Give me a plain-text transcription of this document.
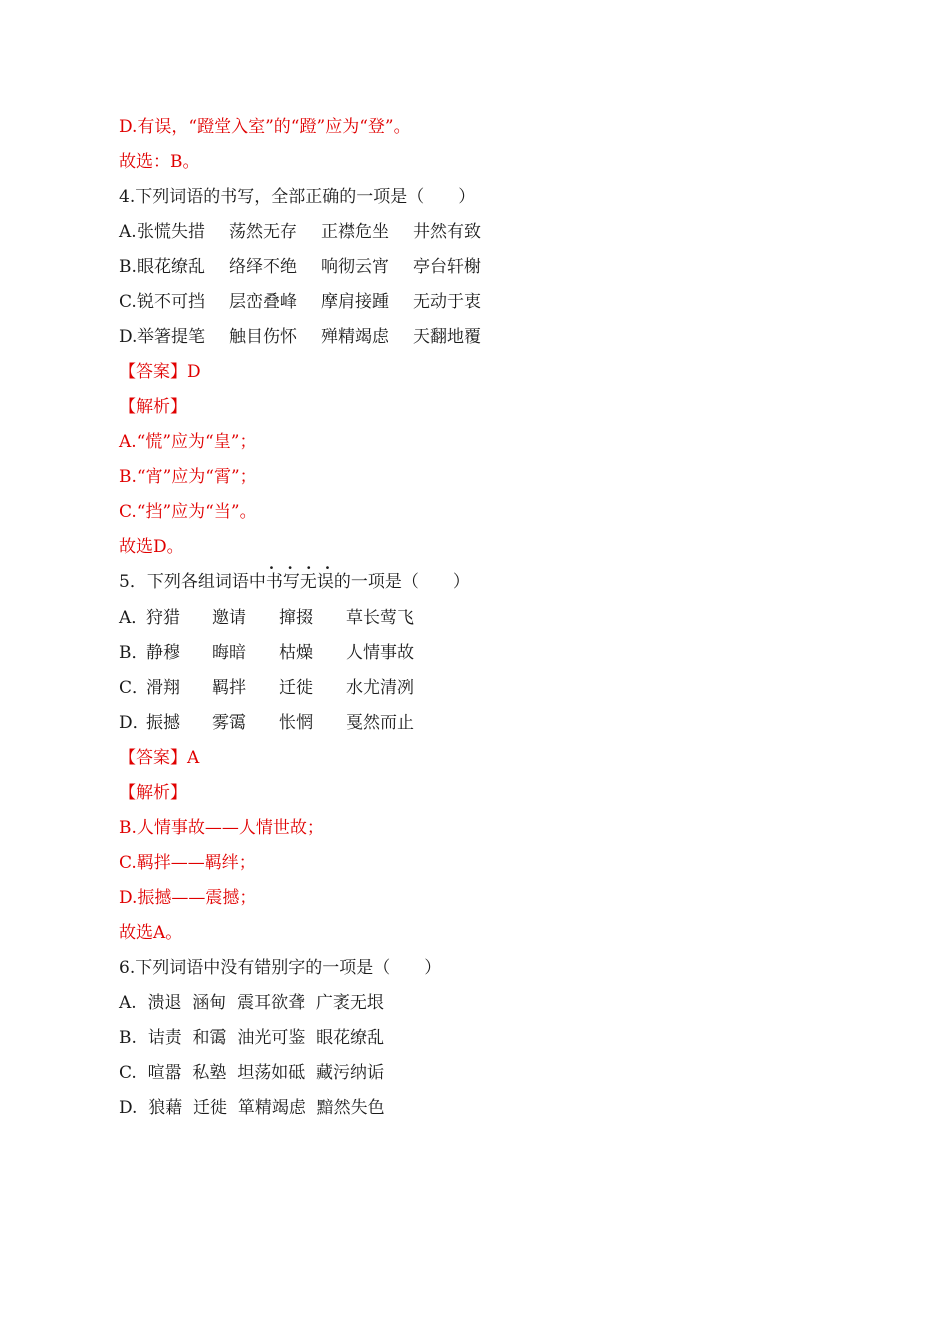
D.有误，“蹬堂入室”的“蹬”应为“登”。
故选：B。
4.下列词语的书写，全部正确的一项是（　　）

A.

张慌失措

荡然无存

正襟危坐

井然有致

B.

眼花缭乱

络绎不绝

响彻云宵

亭台轩榭

C.

锐不可挡

层峦叠峰

摩肩接踵

无动于衷

D.

举箸提笔

触目伤怀

殚精竭虑

天翻地覆

【答案】D
【解析】
A.“慌”应为“皇”；
B.“宵”应为“霄”；
C.“挡”应为“当”。
故选D。
5．下列各组词语中·  · 书写无误的一项是（　　）

A．

狩猎

邀请

撺掇

草长莺飞

B．

静穆

晦暗

枯燥

人情事故

C．

滑翔

羁拌

迁徙

水尤清冽

D．

振撼

雾霭

怅惘

戛然而止

【答案】A
【解析】
B.人情事故——人情世故；
C.羁拌——羁绊；
D.振撼——震撼；
故选A。
6.下列词语中没有错别字的一项是（　　）
A.  溃退  涵甸  震耳欲聋  广袤无垠
B.  诘责  和霭  油光可鉴  眼花缭乱
C.  喧嚣  私塾  坦荡如砥  藏污纳诟
D.  狼藉  迁徙  箪精竭虑  黯然失色
